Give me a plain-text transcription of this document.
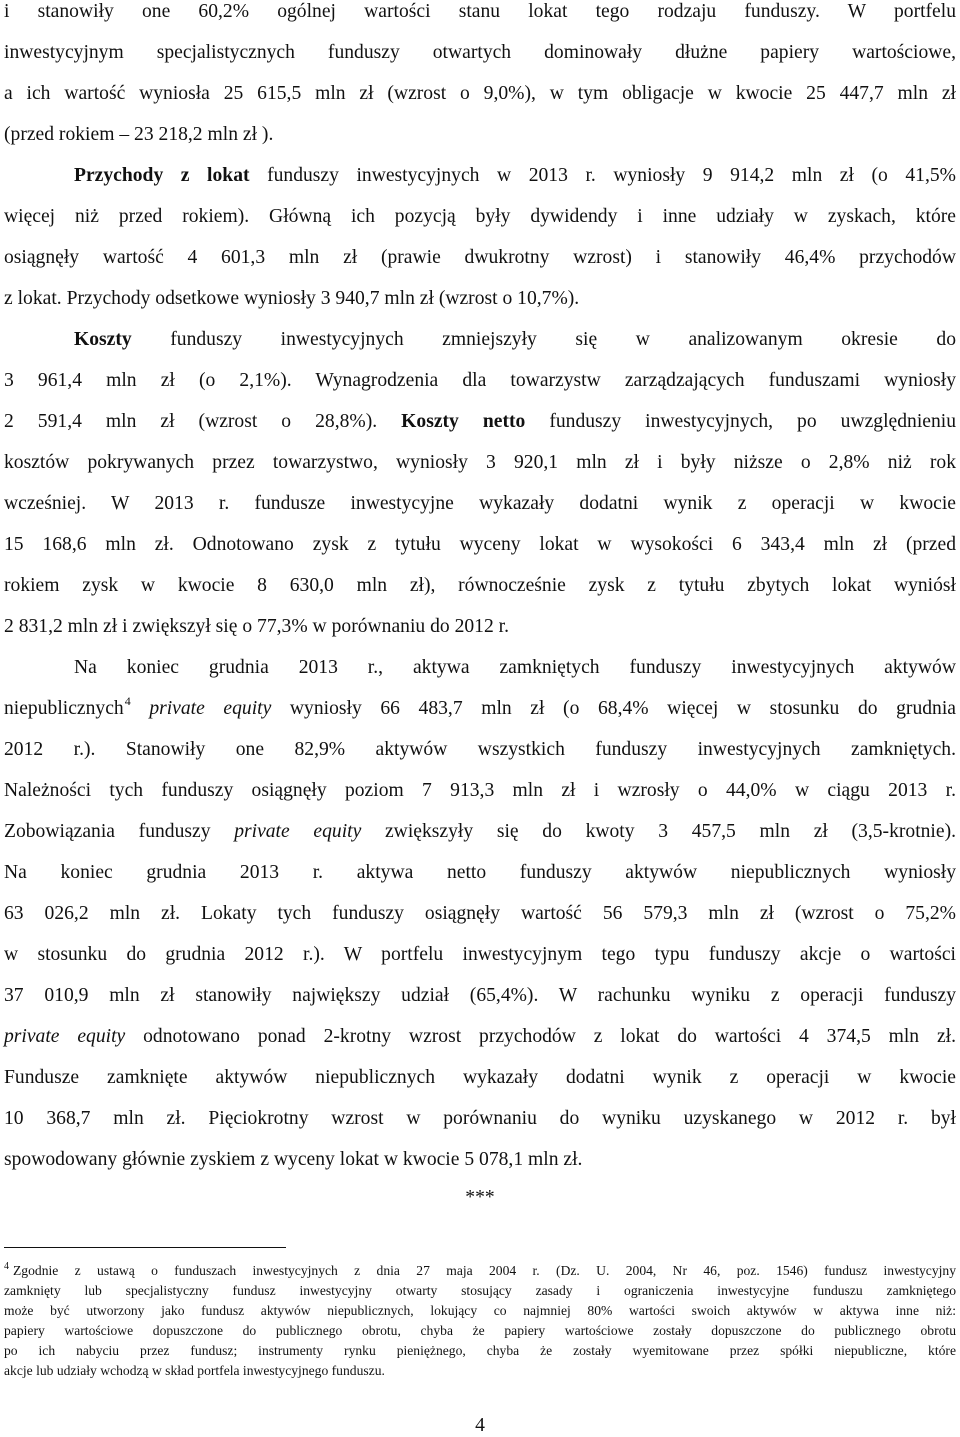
i stanowiły one 60,2% ogólnej wartości stanu lokat tego rodzaju funduszy. W portfelu
inwestycyjnym specjalistycznych funduszy otwartych dominowały dłużne papiery wartościowe,
a ich wartość wyniosła 25 615,5 mln zł (wzrost o 9,0%), w tym obligacje w kwocie 25 447,7 mln zł
(przed rokiem – 23 218,2 mln zł ).
Przychody z lokat funduszy inwestycyjnych w 2013 r. wyniosły 9 914,2 mln zł (o 41,5%
więcej niż przed rokiem). Główną ich pozycją były dywidendy i inne udziały w zyskach, które
osiągnęły wartość 4 601,3 mln zł (prawie dwukrotny wzrost) i stanowiły 46,4% przychodów
z lokat. Przychody odsetkowe wyniosły 3 940,7 mln zł (wzrost o 10,7%).
Koszty funduszy inwestycyjnych zmniejszyły się w analizowanym okresie do
3 961,4 mln zł (o 2,1%). Wynagrodzenia dla towarzystw zarządzających funduszami wyniosły
2 591,4 mln zł (wzrost o 28,8%). Koszty netto funduszy inwestycyjnych, po uwzględnieniu
kosztów pokrywanych przez towarzystwo, wyniosły 3 920,1 mln zł i były niższe o 2,8% niż rok
wcześniej. W 2013 r. fundusze inwestycyjne wykazały dodatni wynik z operacji w kwocie
15 168,6 mln zł. Odnotowano zysk z tytułu wyceny lokat w wysokości 6 343,4 mln zł (przed
rokiem zysk w kwocie 8 630,0 mln zł), równocześnie zysk z tytułu zbytych lokat wyniósł
2 831,2 mln zł i zwiększył się o 77,3% w porównaniu do 2012 r.
Na koniec grudnia 2013 r., aktywa zamkniętych funduszy inwestycyjnych aktywów
niepublicznych$^4$ private equity wyniosły 66 483,7 mln zł (o 68,4% więcej w stosunku do grudnia
2012 r.). Stanowiły one 82,9% aktywów wszystkich funduszy inwestycyjnych zamkniętych.
Należności tych funduszy osiągnęły poziom 7 913,3 mln zł i wzrosły o 44,0% w ciągu 2013 r.
Zobowiązania funduszy private equity zwiększyły się do kwoty 3 457,5 mln zł (3,5-krotnie).
Na koniec grudnia 2013 r. aktywa netto funduszy aktywów niepublicznych wyniosły
63 026,2 mln zł. Lokaty tych funduszy osiągnęły wartość 56 579,3 mln zł (wzrost o 75,2%
w stosunku do grudnia 2012 r.). W portfelu inwestycyjnym tego typu funduszy akcje o wartości
37 010,9 mln zł stanowiły największy udział (65,4%). W rachunku wyniku z operacji funduszy
private equity odnotowano ponad 2-krotny wzrost przychodów z lokat do wartości 4 374,5 mln zł.
Fundusze zamknięte aktywów niepublicznych wykazały dodatni wynik z operacji w kwocie
10 368,7 mln zł. Pięciokrotny wzrost w porównaniu do wyniku uzyskanego w 2012 r. był
spowodowany głównie zyskiem z wyceny lokat w kwocie 5 078,1 mln zł.
***
$^4$ Zgodnie z ustawą o funduszach inwestycyjnych z dnia 27 maja 2004 r. (Dz. U. 2004, Nr 46, poz. 1546) fundusz inwestycyjny
zamknięty lub specjalistyczny fundusz inwestycyjny otwarty stosujący zasady i ograniczenia inwestycyjne funduszu zamkniętego
może być utworzony jako fundusz aktywów niepublicznych, lokujący co najmniej 80% wartości swoich aktywów w aktywa inne niż:
papiery wartościowe dopuszczone do publicznego obrotu, chyba że papiery wartościowe zostały dopuszczone do publicznego obrotu
po ich nabyciu przez fundusz; instrumenty rynku pieniężnego, chyba że zostały wyemitowane przez spółki niepubliczne, które
akcje lub udziały wchodzą w skład portfela inwestycyjnego funduszu.
4
